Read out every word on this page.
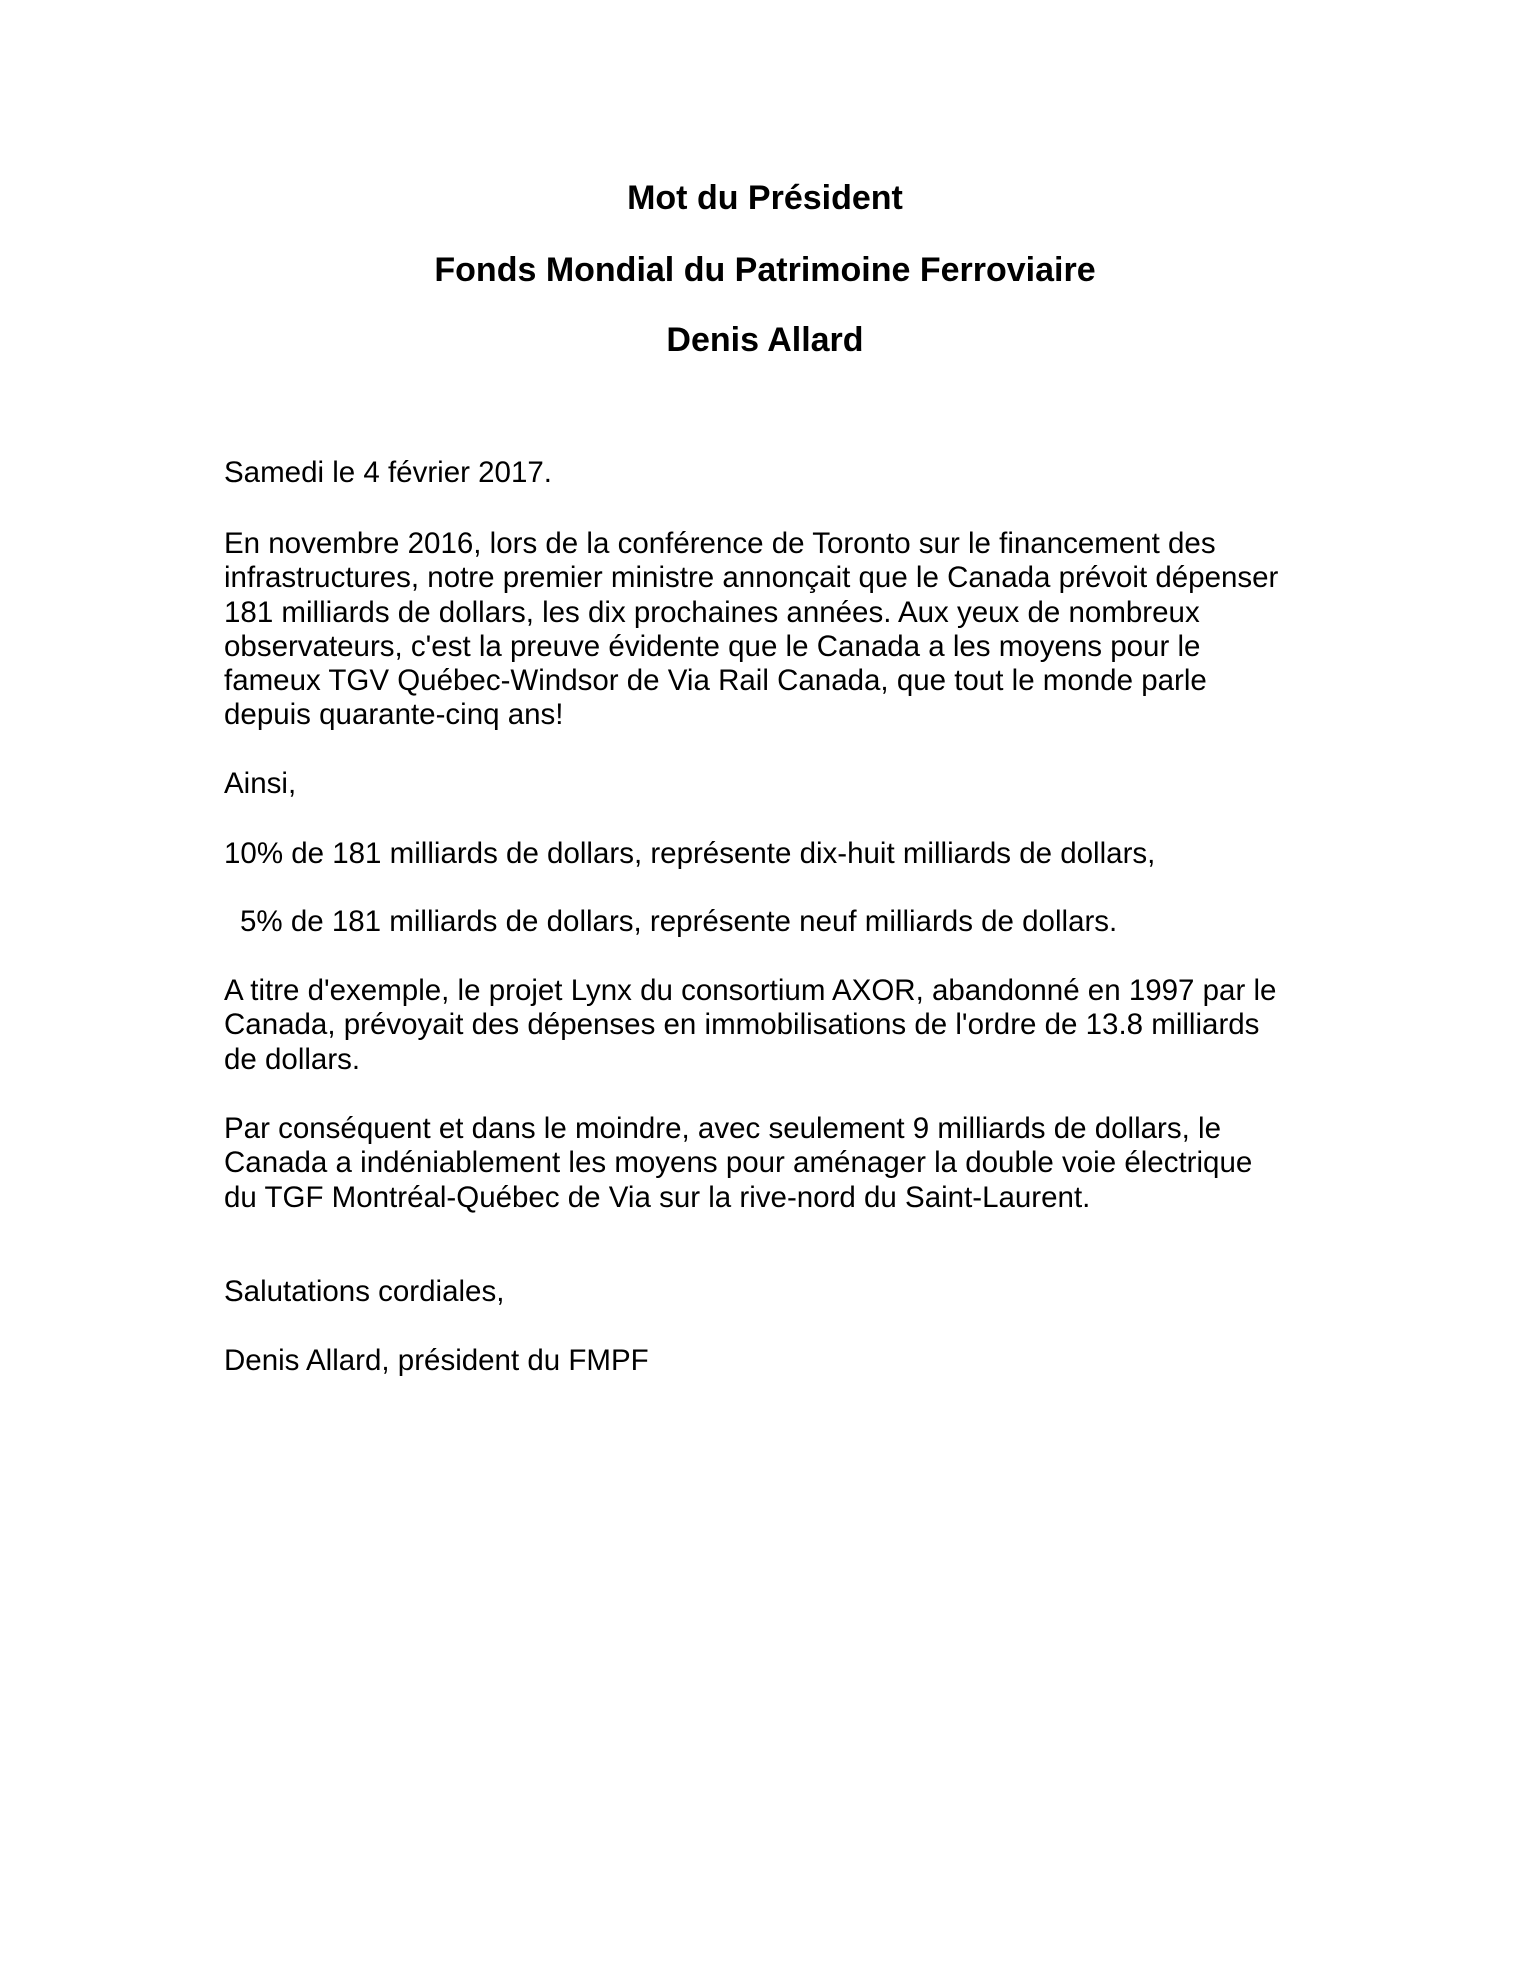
Mot du Président
Fonds Mondial du Patrimoine Ferroviaire
Denis Allard

Samedi le 4 février 2017.

En novembre 2016, lors de la conférence de Toronto sur le financement des
infrastructures, notre premier ministre annonçait que le Canada prévoit dépenser
181 milliards de dollars, les dix prochaines années. Aux yeux de nombreux
observateurs, c'est la preuve évidente que le Canada a les moyens pour le
fameux TGV Québec-Windsor de Via Rail Canada, que tout le monde parle
depuis quarante-cinq ans!

Ainsi,

10% de 181 milliards de dollars, représente dix-huit milliards de dollars,

5% de 181 milliards de dollars, représente neuf milliards de dollars.

A titre d'exemple, le projet Lynx du consortium AXOR, abandonné en 1997 par le
Canada, prévoyait des dépenses en immobilisations de l'ordre de 13.8 milliards
de dollars.

Par conséquent et dans le moindre, avec seulement 9 milliards de dollars, le
Canada a indéniablement les moyens pour aménager la double voie électrique
du TGF Montréal-Québec de Via sur la rive-nord du Saint-Laurent.

Salutations cordiales,

Denis Allard, président du FMPF
